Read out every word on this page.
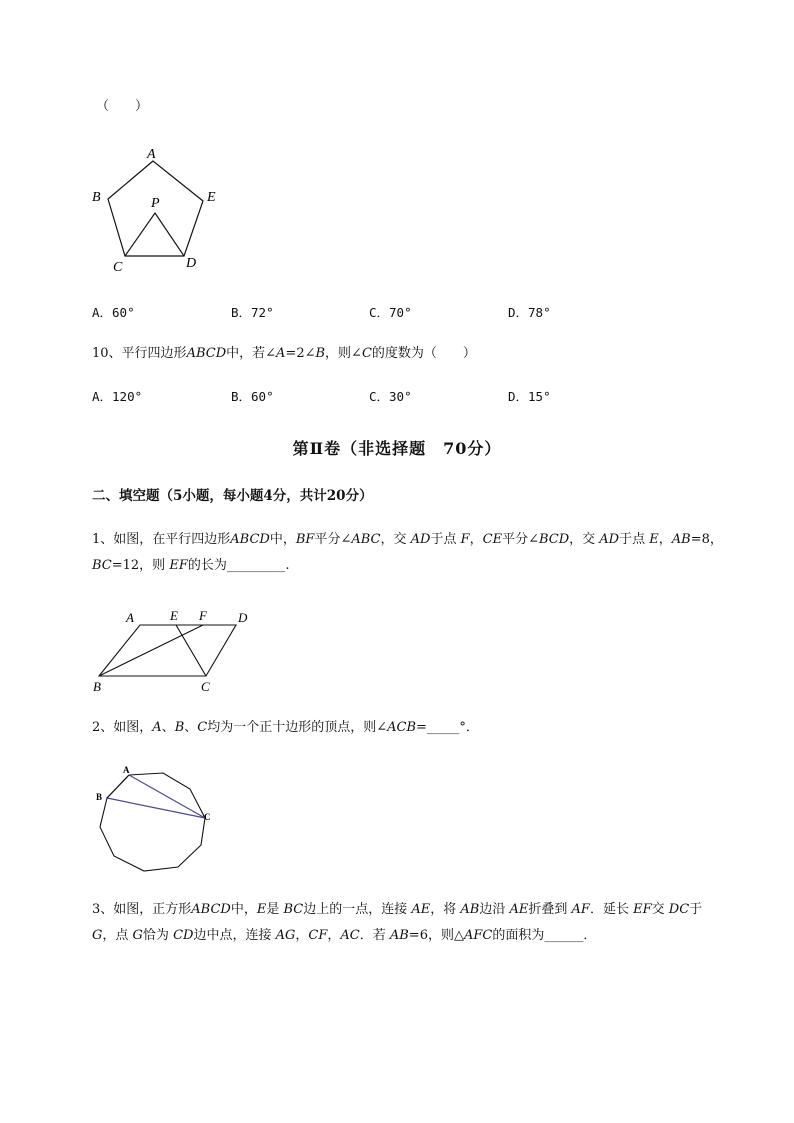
（　　）
A
B
C	D
E
P
A．60°	B．72°	C．70°	D．78°
10、平行四边形ABCD中，若∠A=2∠B，则∠C的度数为（　　）
A．120°	B．60°	C．30°	D．15°
第Ⅱ卷（非选择题　70分）
二、填空题（5小题，每小题4分，共计20分）
1、如图，在平行四边形ABCD中，BF平分∠ABC，交 AD于点 F，CE平分∠BCD，交 AD于点 E，AB=8，
BC=12，则 EF的长为_________.
A	E F D
B	C
2、如图，A、B、C均为一个正十边形的顶点，则∠ACB=_____°．
A
B
C
3、如图，正方形ABCD中，E是 BC边上的一点，连接 AE，将 AB边沿 AE折叠到 AF．延长 EF交 DC于
G，点 G恰为 CD边中点，连接 AG，CF，AC．若 AB=6，则△AFC的面积为______．
